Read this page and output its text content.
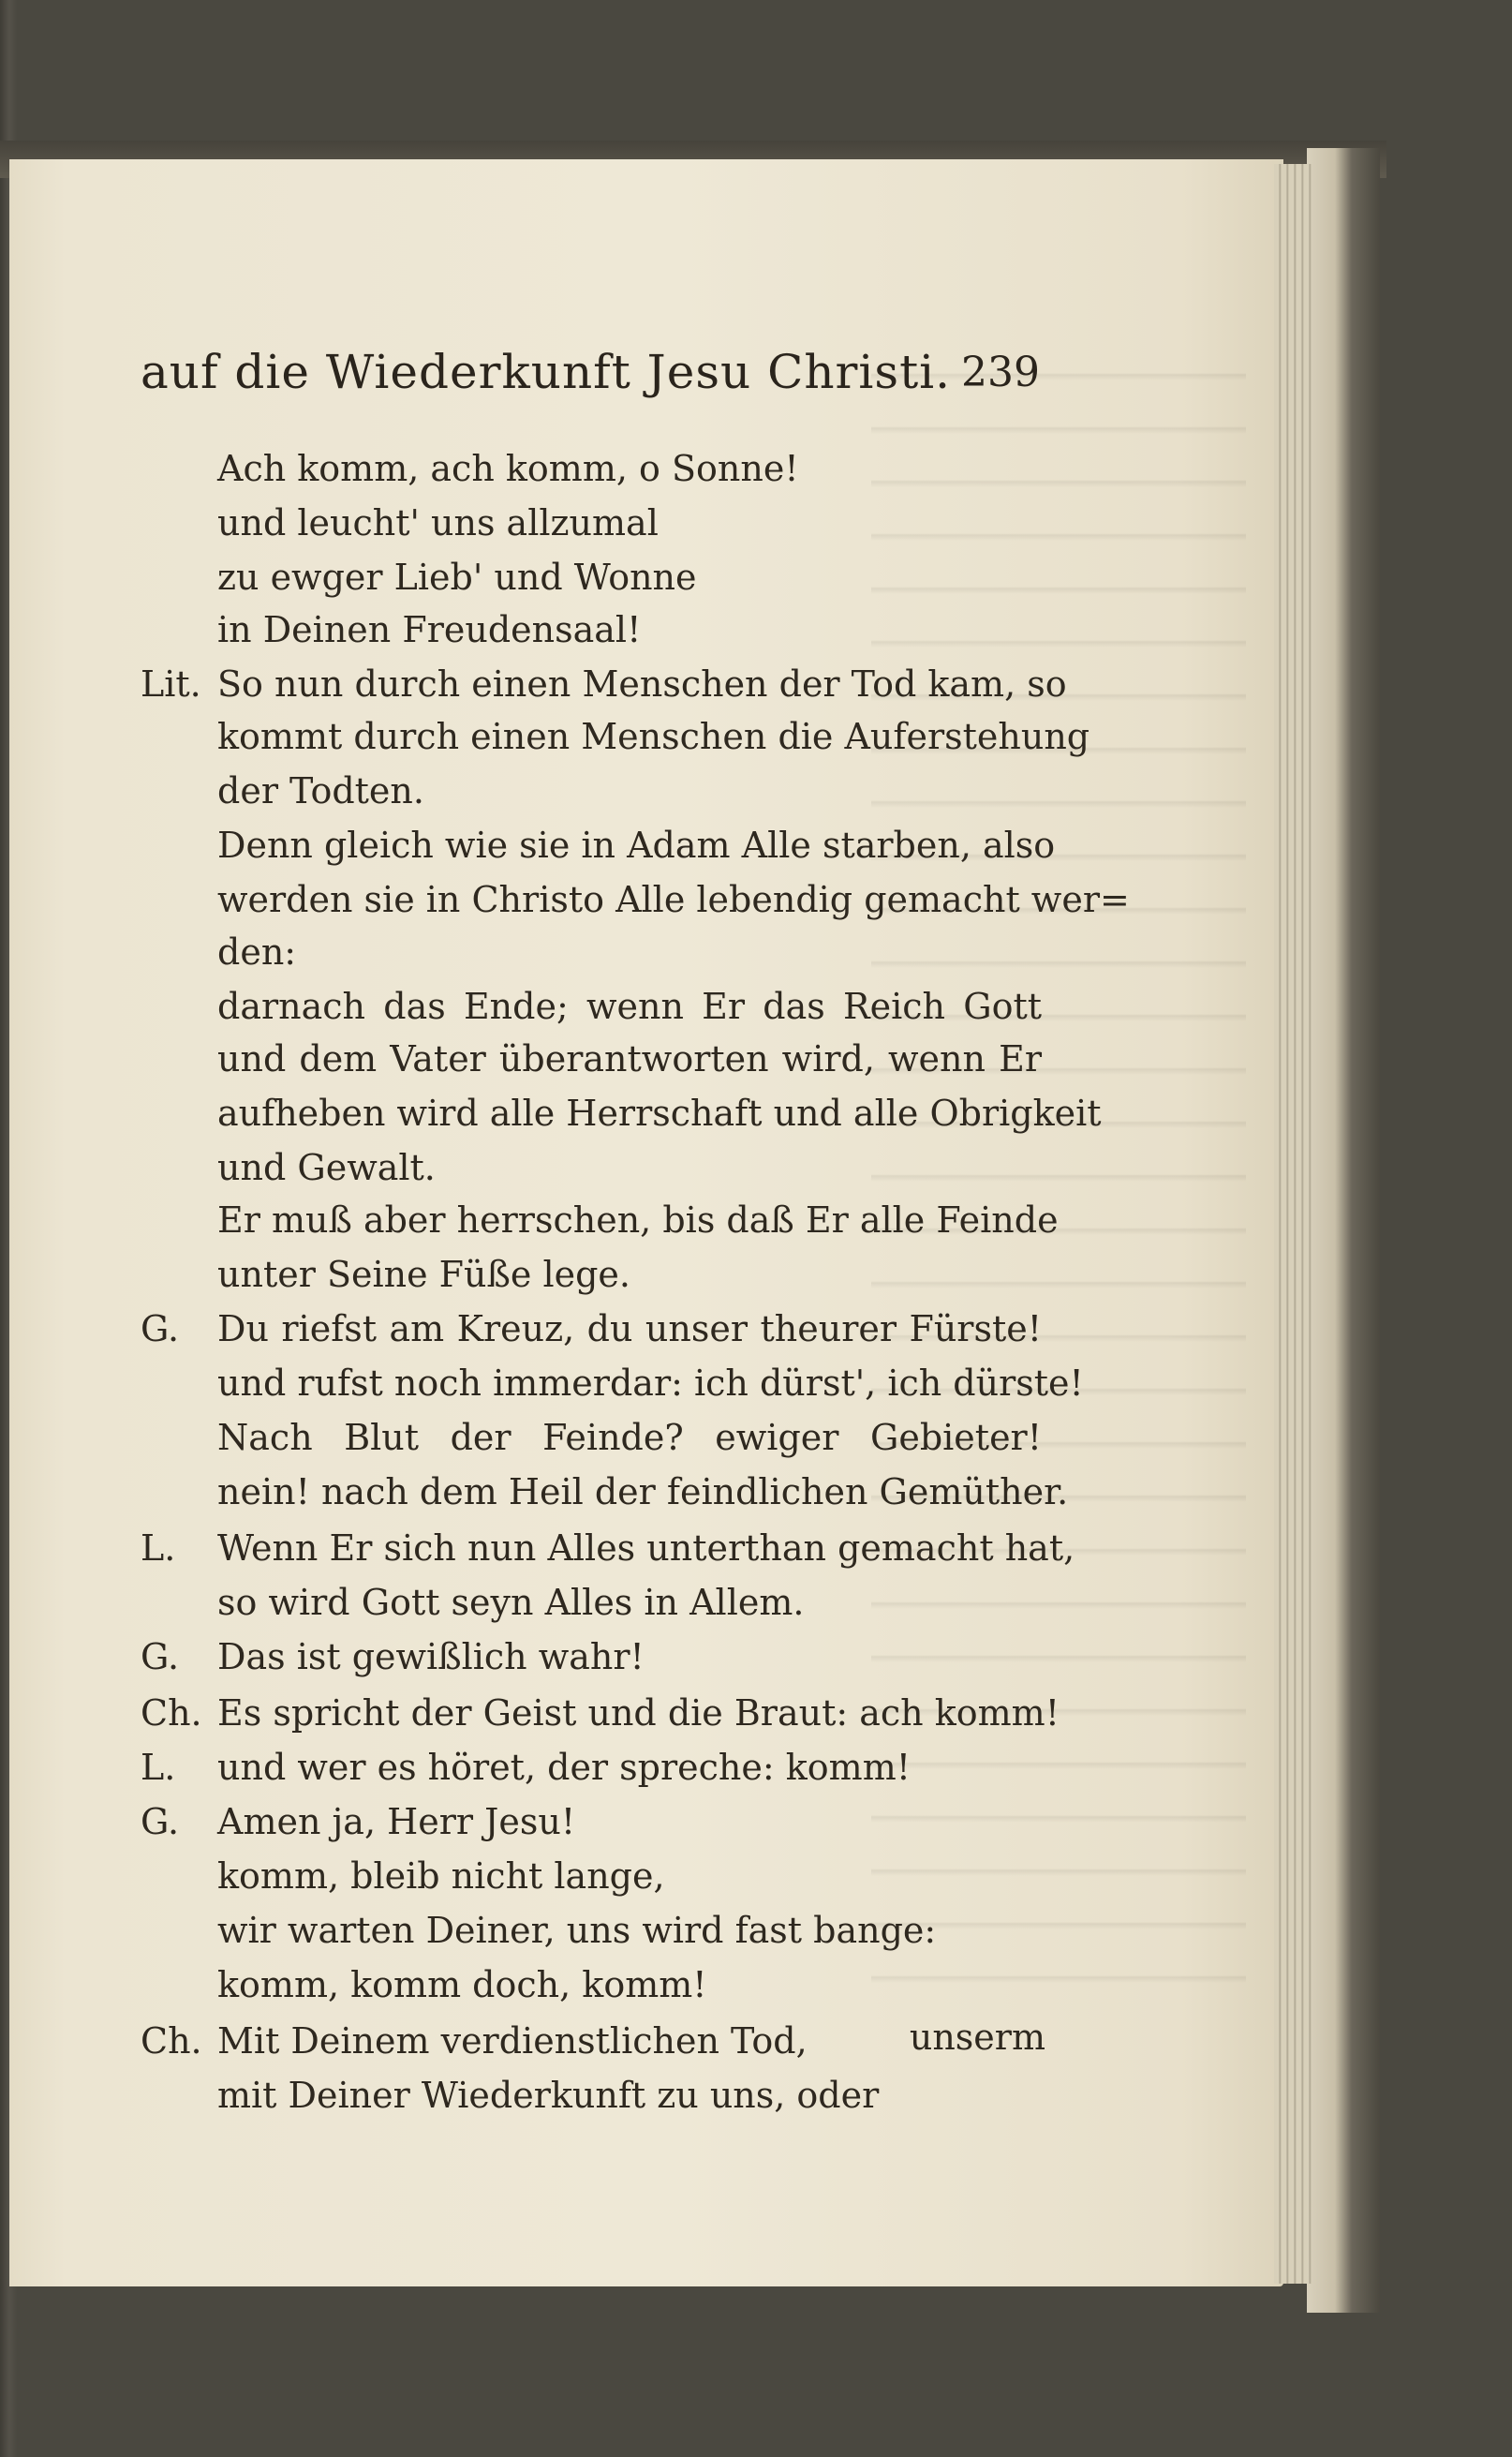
auf die Wiederkunft Jesu Christi. 239
Ach komm, ach komm, o Sonne!
und leucht' uns allzumal
zu ewger Lieb' und Wonne
in Deinen Freudensaal!
Lit. So nun durch einen Menschen der Tod kam, so
kommt durch einen Menschen die Auferstehung
der Todten.
Denn gleich wie sie in Adam Alle starben, also
werden sie in Christo Alle lebendig gemacht wer=
den:
darnach das Ende; wenn Er das Reich Gott
und dem Vater überantworten wird, wenn Er
aufheben wird alle Herrschaft und alle Obrigkeit
und Gewalt.
Er muß aber herrschen, bis daß Er alle Feinde
unter Seine Füße lege.
G. Du riefst am Kreuz, du unser theurer Fürste!
und rufst noch immerdar: ich dürst', ich dürste!
Nach Blut der Feinde? ewiger Gebieter!
nein! nach dem Heil der feindlichen Gemüther.
L. Wenn Er sich nun Alles unterthan gemacht hat,
so wird Gott seyn Alles in Allem.
G. Das ist gewißlich wahr!
Ch. Es spricht der Geist und die Braut: ach komm!
L. und wer es höret, der spreche: komm!
G. Amen ja, Herr Jesu!
komm, bleib nicht lange,
wir warten Deiner, uns wird fast bange:
komm, komm doch, komm!
Ch. Mit Deinem verdienstlichen Tod,
mit Deiner Wiederkunft zu uns, oder
unserm
